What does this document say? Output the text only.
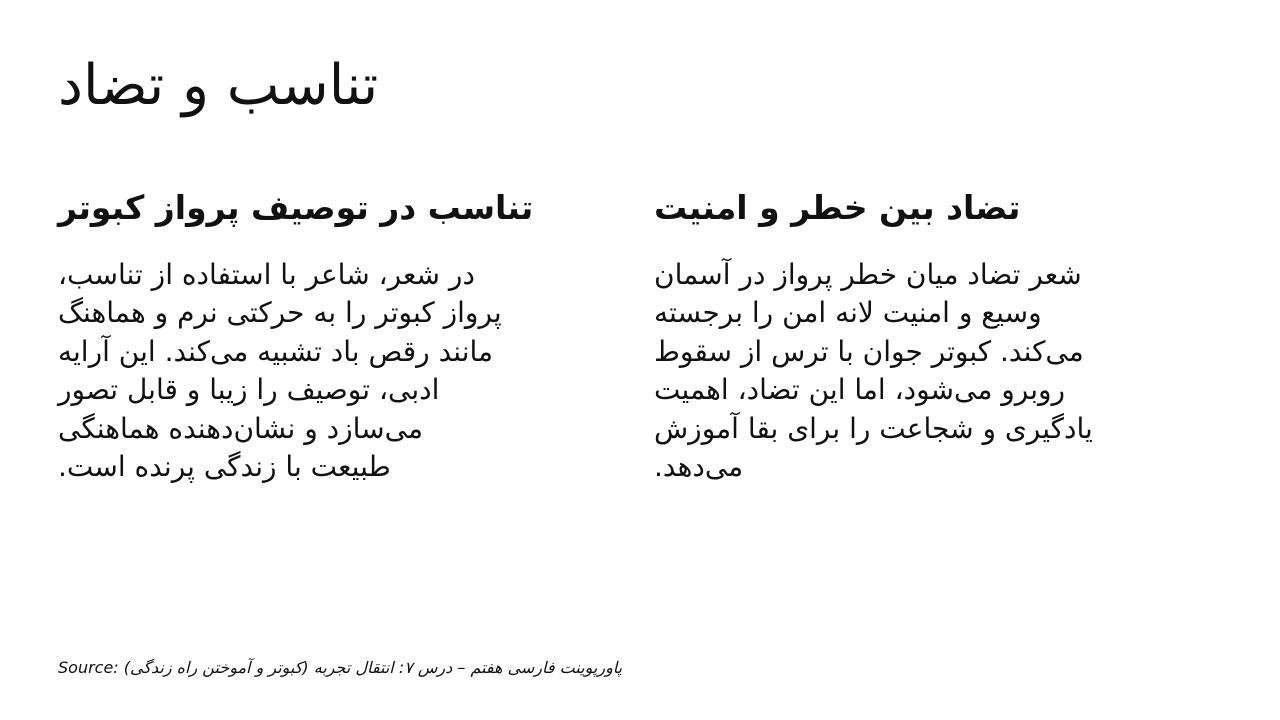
تناسب و تضاد
تناسب در توصیف پرواز کبوتر

در شعر، شاعر با استفاده از تناسب،
پرواز کبوتر را به حرکتی نرم و هماهنگ
مانند رقص باد تشبیه می‌کند. این آرایه
ادبی، توصیف را زیبا و قابل تصور
می‌سازد و نشان‌دهنده هماهنگی
طبیعت با زندگی پرنده است.

تضاد بین خطر و امنیت

شعر تضاد میان خطر پرواز در آسمان
وسیع و امنیت لانه امن را برجسته
می‌کند. کبوتر جوان با ترس از سقوط
روبرو می‌شود، اما این تضاد، اهمیت
یادگیری و شجاعت را برای بقا آموزش
می‌دهد.

Source: پاورپوینت فارسی هفتم – درس ۷: انتقال تجربه (کبوتر و آموختن راه زندگی)
